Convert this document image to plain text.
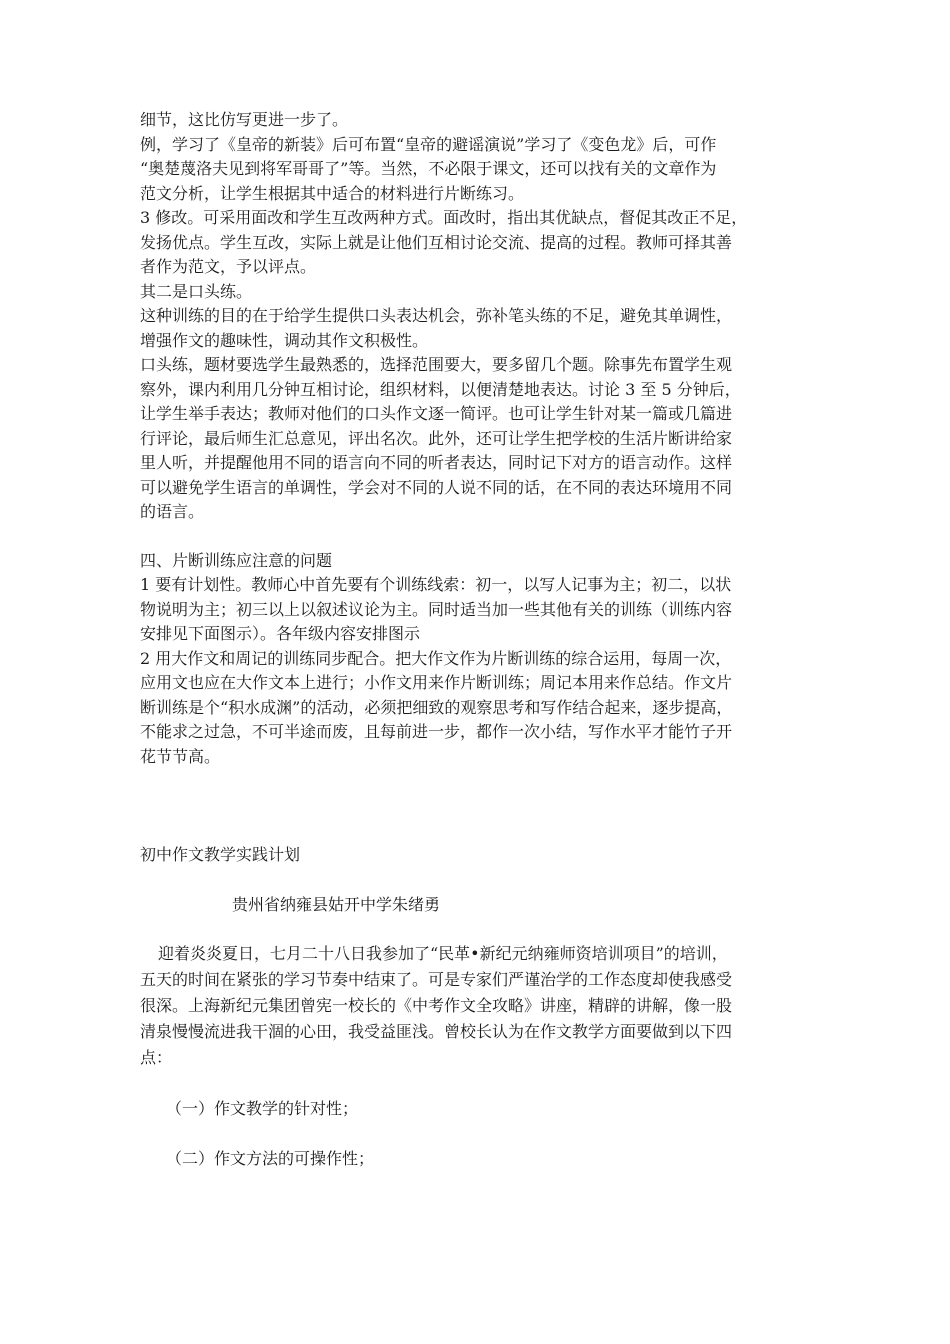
细节，这比仿写更进一步了。

例，学习了《皇帝的新装》后可布置“皇帝的避谣演说”学习了《变色龙》后，可作

“奥楚蔑洛夫见到将军哥哥了”等。当然，不必限于课文，还可以找有关的文章作为

范文分析，让学生根据其中适合的材料进行片断练习。

3 修改。可采用面改和学生互改两种方式。面改时，指出其优缺点，督促其改正不足，

发扬优点。学生互改，实际上就是让他们互相讨论交流、提高的过程。教师可择其善

者作为范文，予以评点。

其二是口头练。

这种训练的目的在于给学生提供口头表达机会，弥补笔头练的不足，避免其单调性，

增强作文的趣味性，调动其作文积极性。

口头练，题材要选学生最熟悉的，选择范围要大，要多留几个题。除事先布置学生观

察外，课内利用几分钟互相讨论，组织材料，以便清楚地表达。讨论 3 至 5 分钟后，

让学生举手表达；教师对他们的口头作文逐一简评。也可让学生针对某一篇或几篇进

行评论，最后师生汇总意见，评出名次。此外，还可让学生把学校的生活片断讲给家

里人听，并提醒他用不同的语言向不同的听者表达，同时记下对方的语言动作。这样

可以避免学生语言的单调性，学会对不同的人说不同的话，在不同的表达环境用不同

的语言。

四、片断训练应注意的问题

1 要有计划性。教师心中首先要有个训练线索：初一，以写人记事为主；初二，以状

物说明为主；初三以上以叙述议论为主。同时适当加一些其他有关的训练（训练内容

安排见下面图示）。各年级内容安排图示

2 用大作文和周记的训练同步配合。把大作文作为片断训练的综合运用，每周一次，

应用文也应在大作文本上进行；小作文用来作片断训练；周记本用来作总结。作文片

断训练是个“积水成渊”的活动，必须把细致的观察思考和写作结合起来，逐步提高，

不能求之过急，不可半途而废，且每前进一步，都作一次小结，写作水平才能竹子开

花节节高。

初中作文教学实践计划

贵州省纳雍县姑开中学朱绪勇

迎着炎炎夏日，七月二十八日我参加了“民革•新纪元纳雍师资培训项目”的培训，

五天的时间在紧张的学习节奏中结束了。可是专家们严谨治学的工作态度却使我感受

很深。上海新纪元集团曾宪一校长的《中考作文全攻略》讲座，精辟的讲解，像一股

清泉慢慢流进我干涸的心田，我受益匪浅。曾校长认为在作文教学方面要做到以下四

点：

（一）作文教学的针对性；

（二）作文方法的可操作性；
